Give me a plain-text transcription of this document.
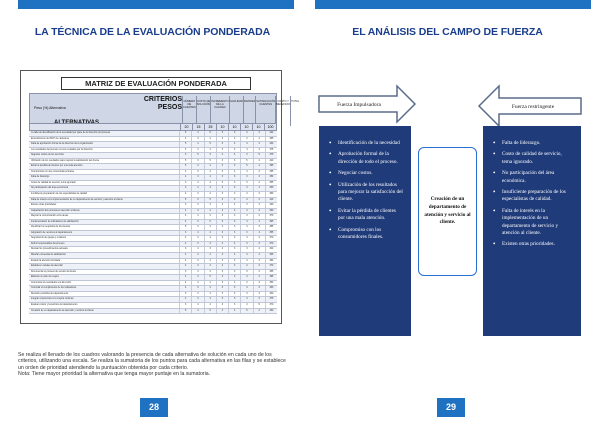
LA TÉCNICA DE LA EVALUACIÓN PONDERADA
MATRIZ DE EVALUACIÓN PONDERADA
Peso (%) Alternativa
CRITERIOS PESOS
NÚMERO DE CLIENTES
COSTO DE SOLUCIÓN
INCREMENTO DE LA CALIDAD
FACILIDAD RAPIDEZ SATISFACCIÓN CLIENTES
COSTO Y BENEFICIO
TOTAL
20	15	25	10	10	10	10	100
La falta de identificación de la necesidad por parte de la dirección del proceso	5	4	5	3	3	4	4	422
Entendimiento del RCP de cada área	4	3	4	4	3	3	4	365
Falta de aprobación formal de la dirección de la organización	5	4	5	3	4	4	4	430
Los resultados del proceso no son revisados por la dirección	4	4	4	3	3	4	3	375
Negociar costos de los servicios	3	5	3	4	4	3	5	375
Utilización de los resultados para mejorar la satisfacción del cliente	5	3	5	3	3	5	4	420
Evitar la pérdida de clientes por una mala atención	5	3	4	3	3	5	4	395
Compromiso con los consumidores finales	4	3	4	3	4	4	3	365
Falta de liderazgo	4	3	4	3	3	3	3	350
Costo de calidad de servicio, tema ignorado	3	4	4	3	3	3	4	355
No participación del área económica	3	4	3	3	3	3	4	330
Insuficiente preparación de los especialistas de calidad	4	3	4	3	3	4	3	360
Falta de interés en la implementación de un departamento de servicio y atención al cliente	5	3	5	3	3	4	4	410
Existen otras prioridades	3	3	3	4	4	3	3	320
Capacitación del personal en atención al cliente	4	3	4	3	3	4	3	360
Mejorar la comunicación entre áreas	4	4	4	3	3	3	4	370
Implementación de indicadores de satisfacción	4	3	5	3	3	4	4	395
Identificar los requisitos de los clientes	5	3	4	3	3	4	3	385
Asignación de recursos al departamento	3	4	4	3	3	3	4	355
Seguimiento de quejas y reclamos	4	3	4	4	3	4	3	370
Definir responsables del proceso	4	3	4	4	4	3	3	370
Revisar los procedimientos actuales	3	4	3	4	3	3	4	340
Diseñar encuestas de satisfacción	4	3	4	3	4	4	3	365
Evaluar la atención brindada	4	3	4	3	3	4	3	360
Establecer canales de atención	4	3	4	4	3	4	3	370
Documentar el proceso de servicio al cliente	3	4	4	3	3	3	4	355
Elaborar un plan de mejora	4	3	5	3	3	4	4	395
Comunicar los resultados a la dirección	4	3	4	3	3	3	3	350
Controlar el cumplimiento de los indicadores	4	3	4	3	3	4	3	360
Revisión periódica del departamento	3	3	4	3	3	3	3	330
Integrar al personal en la mejora continua	4	3	4	3	3	4	4	375
Evaluar costos y beneficios del departamento	3	4	4	3	3	3	5	370
Creación de un departamento de atención y servicio al cliente	5	4	5	4	4	5	4	460
Se realiza el llenado de los cuadros valorando la presencia de cada alternativa de solución en cada uno de los criterios, utilizando una escala. Se realiza la sumatoria de los puntos para cada alternativa en las filas y se establece un orden de prioridad atendiendo la puntuación obtenida por cada criterio.
Nota: Tiene mayor prioridad la alternativa que tenga mayor puntaje en la sumatoria.
28
EL ANÁLISIS DEL CAMPO DE FUERZA
Fuerza Impulsadora	Fuerza restringente
• Identificación de la necesidad
• Aprobación formal de la dirección de todo el proceso.
• Negociar costos.
• Utilización de los resultados para mejorar la satisfacción del cliente.
• Evitar la pérdida de clientes por una mala atención.
• Compromiso con los consumidores finales.
Creación de un departamento de atención y servicio al cliente.
• Falta de liderazgo.
• Costo de calidad de servicio, tema ignorado.
• No participación del área económica.
• Insuficiente preparación de los especialistas de calidad.
• Falta de interés en la implementación de un departamento de servicio y atención al cliente.
• Existen otras prioridades.
29
